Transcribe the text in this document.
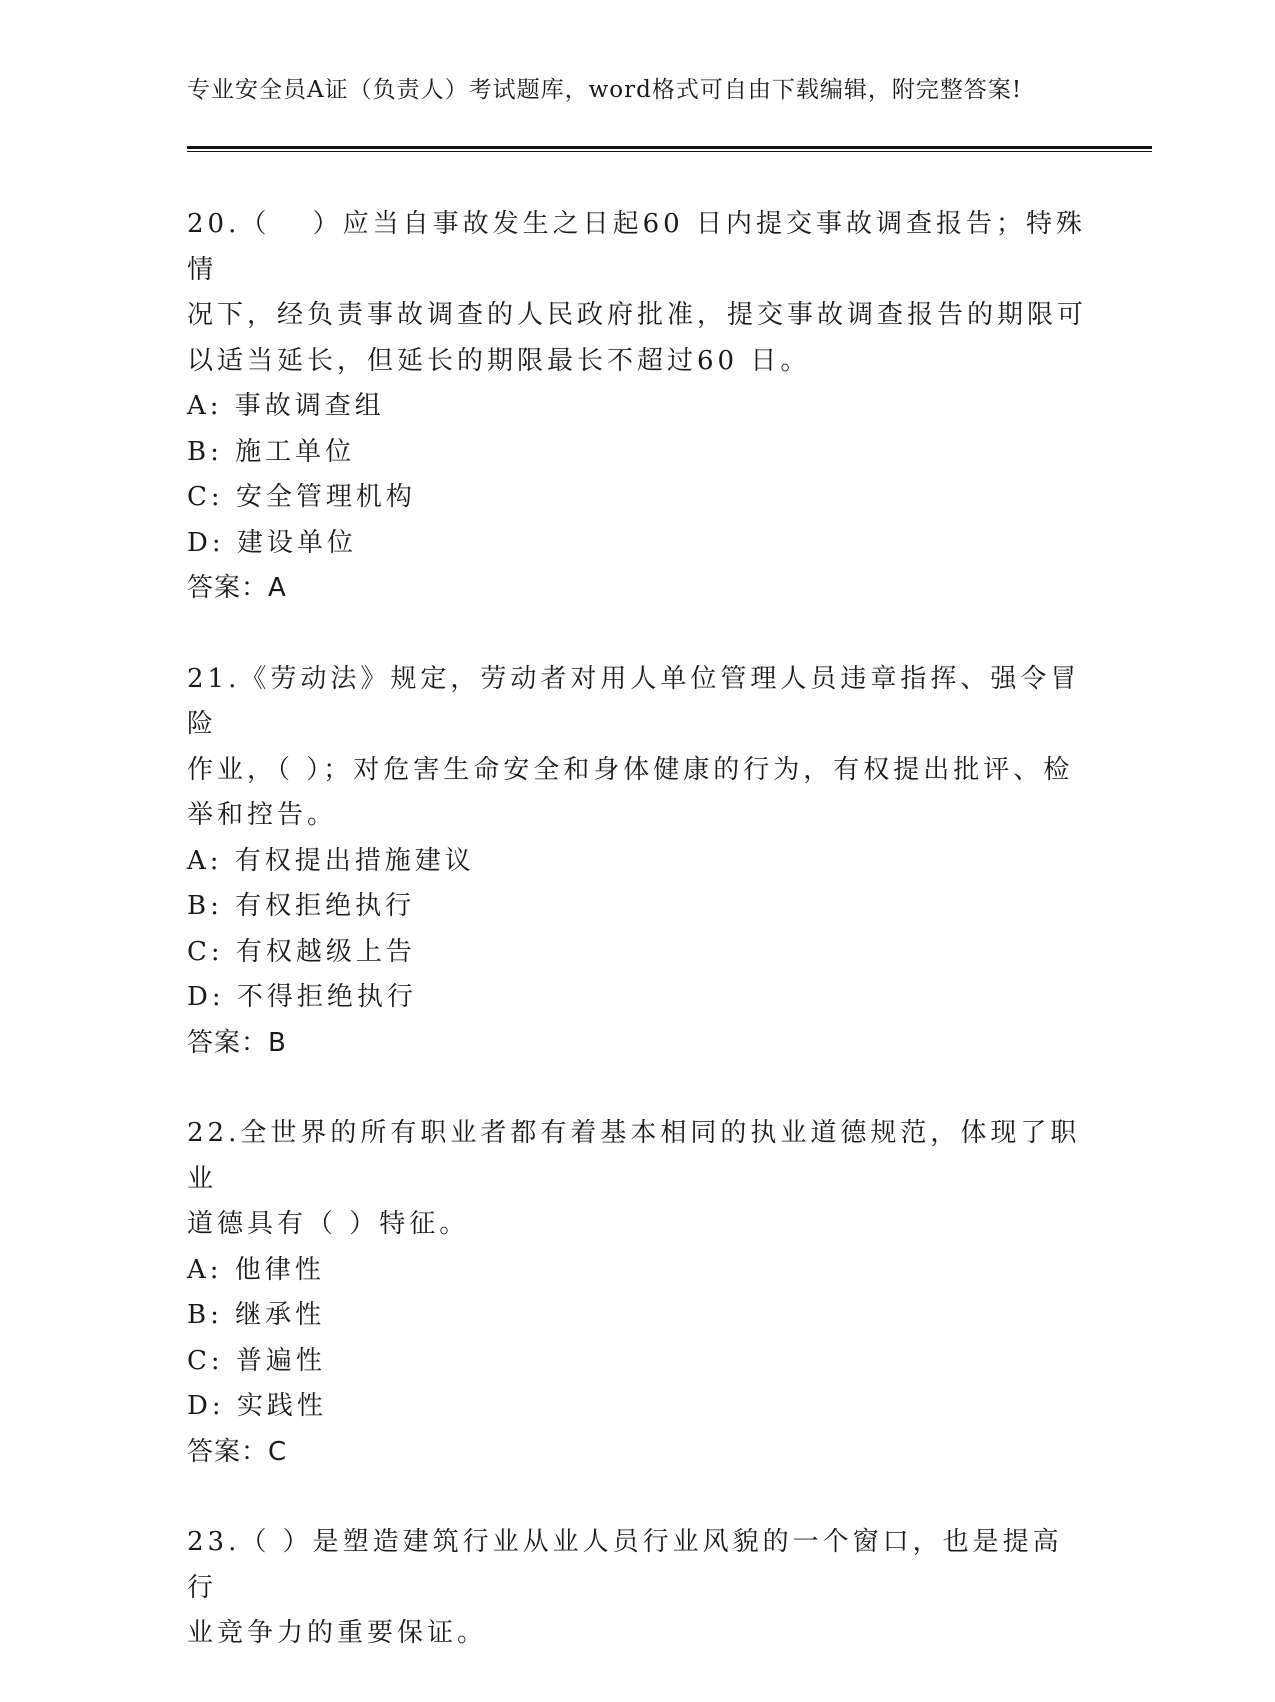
专业安全员A证（负责人）考试题库，word格式可自由下载编辑，附完整答案!

20.（　 ）应当自事故发生之日起60 日内提交事故调查报告；特殊情

况下，经负责事故调查的人民政府批准，提交事故调查报告的期限可

以适当延长，但延长的期限最长不超过60 日。

A: 事故调查组

B: 施工单位

C: 安全管理机构

D: 建设单位

答案：A

21.《劳动法》规定，劳动者对用人单位管理人员违章指挥、强令冒险

作业，（ ）；对危害生命安全和身体健康的行为，有权提出批评、检

举和控告。

A: 有权提出措施建议

B: 有权拒绝执行

C: 有权越级上告

D: 不得拒绝执行

答案：B

22.全世界的所有职业者都有着基本相同的执业道德规范，体现了职业

道德具有（ ）特征。

A: 他律性

B: 继承性

C: 普遍性

D: 实践性

答案：C

23.（ ）是塑造建筑行业从业人员行业风貌的一个窗口，也是提高行

业竞争力的重要保证。
